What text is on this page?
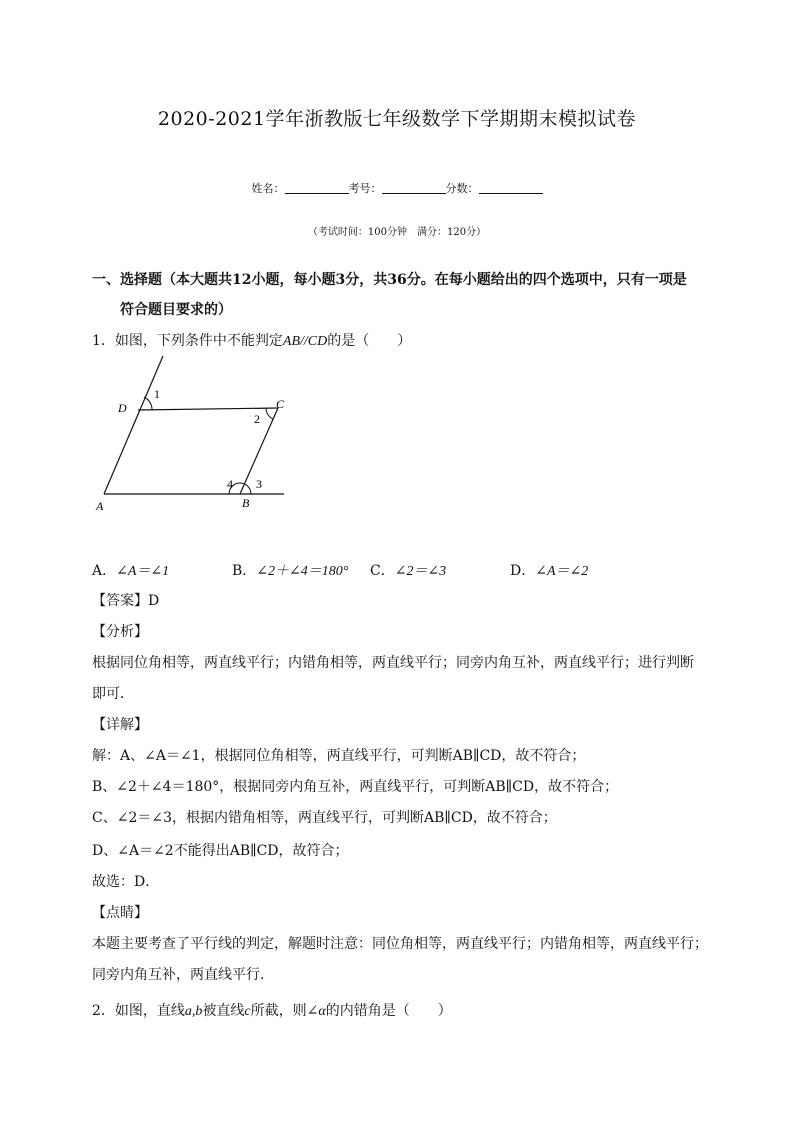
2020-2021学年浙教版七年级数学下学期期末模拟试卷
姓名：	考号：	分数：
（考试时间：100分钟　满分：120分）
一、选择题（本大题共12小题，每小题3分，共36分。在每小题给出的四个选项中，只有一项是
符合题目要求的）
1．如图，下列条件中不能判定AB//CD的是（　　）
D
1
C
2
4 3
A	B
A．∠A＝∠1	B．∠2＋∠4＝180° C．∠2＝∠3	D．∠A＝∠2
【答案】D
【分析】
根据同位角相等，两直线平行；内错角相等，两直线平行；同旁内角互补，两直线平行；进行判断
即可．
【详解】
解：A、∠A＝∠1，根据同位角相等，两直线平行，可判断AB∥CD，故不符合；
B、∠2＋∠4＝180°，根据同旁内角互补，两直线平行，可判断AB∥CD，故不符合；
C、∠2＝∠3，根据内错角相等，两直线平行，可判断AB∥CD，故不符合；
D、∠A＝∠2不能得出AB∥CD，故符合；
故选：D．
【点睛】
本题主要考查了平行线的判定，解题时注意：同位角相等，两直线平行；内错角相等，两直线平行；
同旁内角互补，两直线平行．
2．如图，直线a,b被直线c所截，则∠α的内错角是（　　）
